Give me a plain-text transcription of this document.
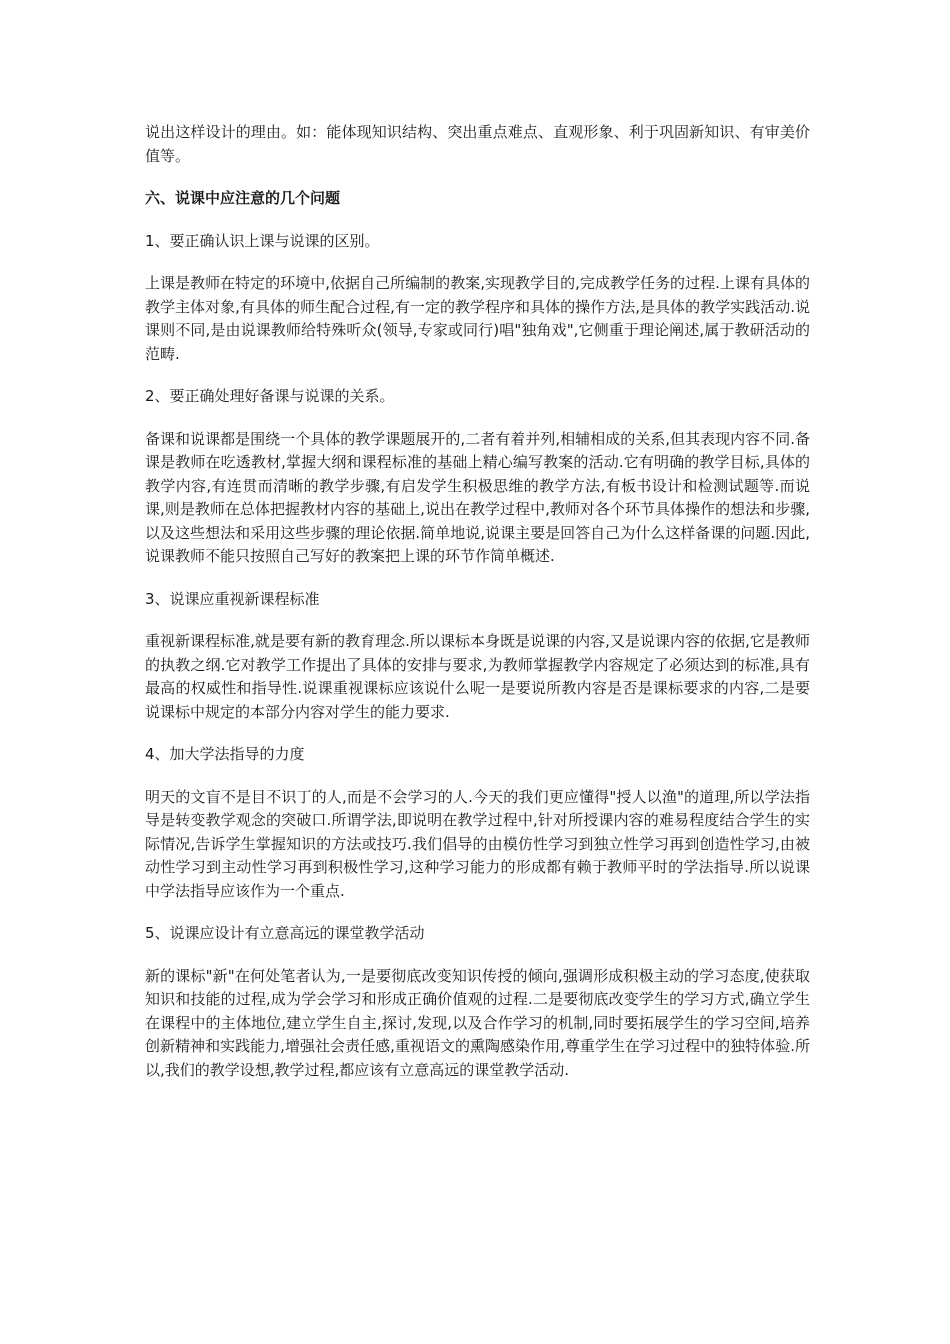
说出这样设计的理由。如：能体现知识结构、突出重点难点、直观形象、利于巩固新知识、有审美价值等。

六、说课中应注意的几个问题

1、要正确认识上课与说课的区别。

上课是教师在特定的环境中,依据自己所编制的教案,实现教学目的,完成教学任务的过程.上课有具体的教学主体对象,有具体的师生配合过程,有一定的教学程序和具体的操作方法,是具体的教学实践活动.说课则不同,是由说课教师给特殊听众(领导,专家或同行)唱"独角戏",它侧重于理论阐述,属于教研活动的范畴.

2、要正确处理好备课与说课的关系。

备课和说课都是围绕一个具体的教学课题展开的,二者有着并列,相辅相成的关系,但其表现内容不同.备课是教师在吃透教材,掌握大纲和课程标准的基础上精心编写教案的活动.它有明确的教学目标,具体的教学内容,有连贯而清晰的教学步骤,有启发学生积极思维的教学方法,有板书设计和检测试题等.而说课,则是教师在总体把握教材内容的基础上,说出在教学过程中,教师对各个环节具体操作的想法和步骤,以及这些想法和采用这些步骤的理论依据.简单地说,说课主要是回答自己为什么这样备课的问题.因此,说课教师不能只按照自己写好的教案把上课的环节作简单概述.

3、说课应重视新课程标准

重视新课程标准,就是要有新的教育理念.所以课标本身既是说课的内容,又是说课内容的依据,它是教师的执教之纲.它对教学工作提出了具体的安排与要求,为教师掌握教学内容规定了必须达到的标准,具有最高的权威性和指导性.说课重视课标应该说什么呢一是要说所教内容是否是课标要求的内容,二是要说课标中规定的本部分内容对学生的能力要求.

4、加大学法指导的力度

明天的文盲不是目不识丁的人,而是不会学习的人.今天的我们更应懂得"授人以渔"的道理,所以学法指导是转变教学观念的突破口.所谓学法,即说明在教学过程中,针对所授课内容的难易程度结合学生的实际情况,告诉学生掌握知识的方法或技巧.我们倡导的由模仿性学习到独立性学习再到创造性学习,由被动性学习到主动性学习再到积极性学习,这种学习能力的形成都有赖于教师平时的学法指导.所以说课中学法指导应该作为一个重点.

5、说课应设计有立意高远的课堂教学活动

新的课标"新"在何处笔者认为,一是要彻底改变知识传授的倾向,强调形成积极主动的学习态度,使获取知识和技能的过程,成为学会学习和形成正确价值观的过程.二是要彻底改变学生的学习方式,确立学生在课程中的主体地位,建立学生自主,探讨,发现,以及合作学习的机制,同时要拓展学生的学习空间,培养创新精神和实践能力,增强社会责任感,重视语文的熏陶感染作用,尊重学生在学习过程中的独特体验.所以,我们的教学设想,教学过程,都应该有立意高远的课堂教学活动.
